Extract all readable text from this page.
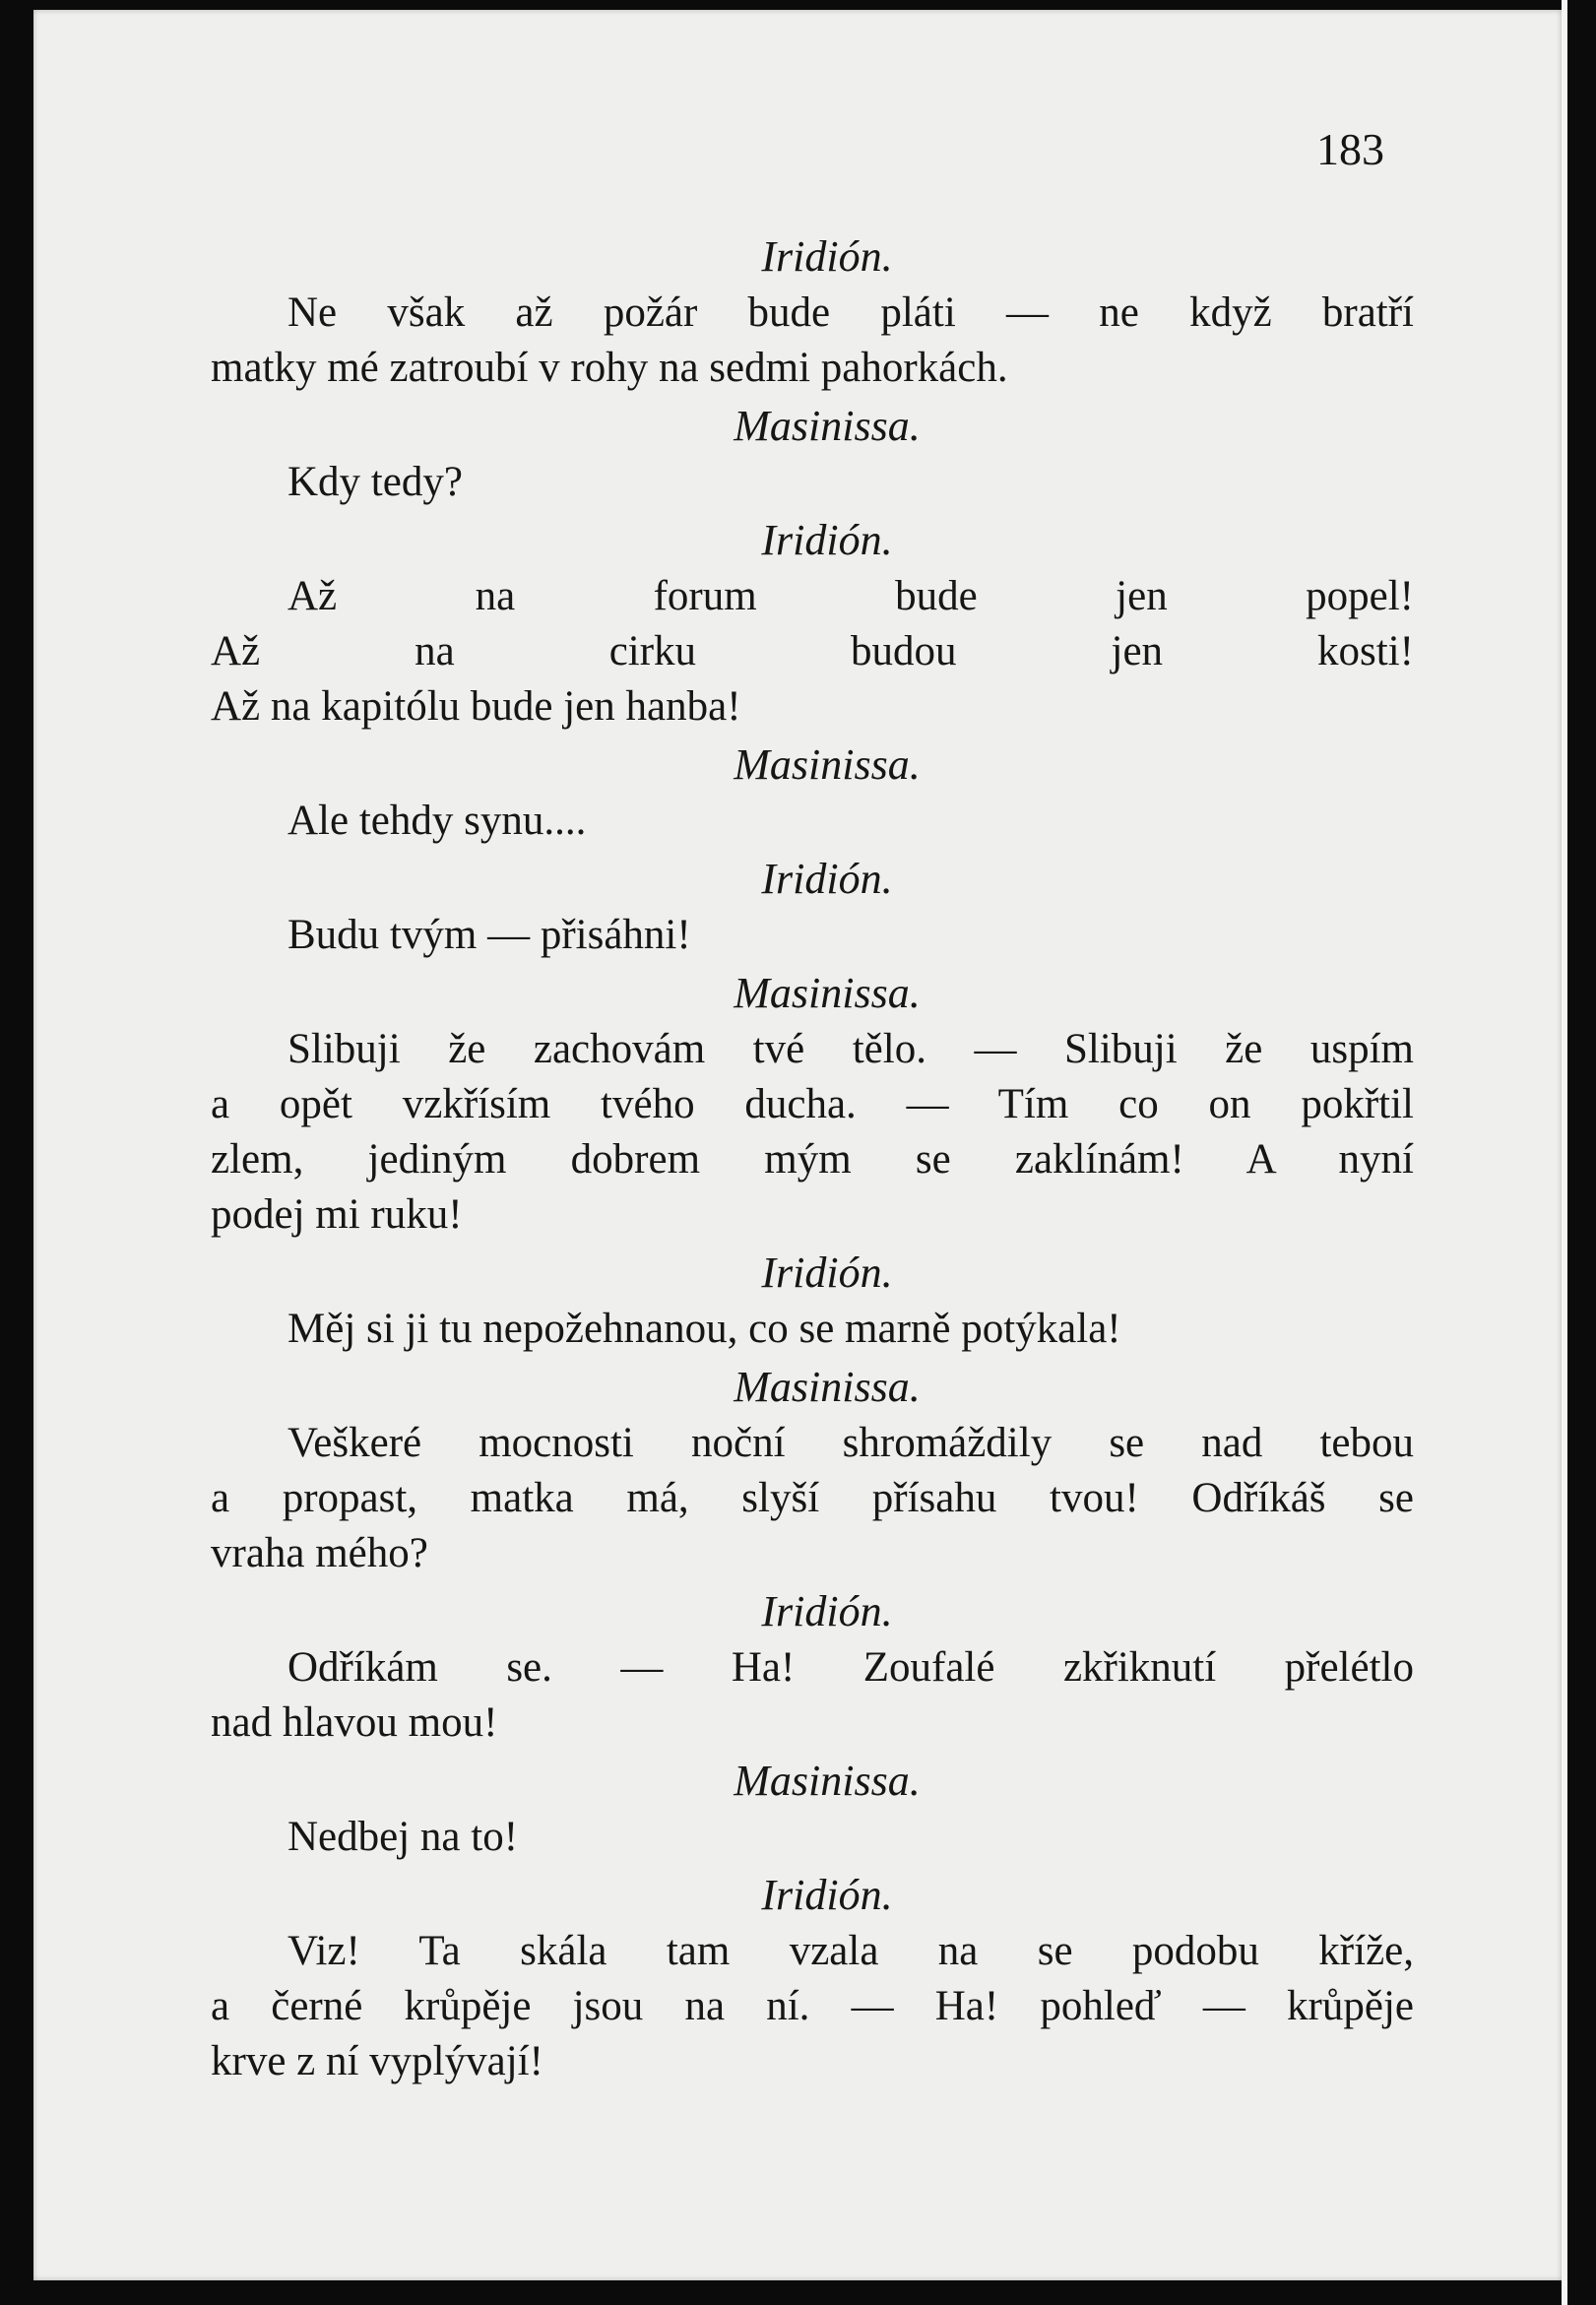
183
Iridión.
Ne však až požár bude pláti — ne když bratří
matky mé zatroubí v rohy na sedmi pahorkách.
Masinissa.
Kdy tedy?
Iridión.
Až na forum bude jen popel!
Až na cirku budou jen kosti!
Až na kapitólu bude jen hanba!
Masinissa.
Ale tehdy synu....
Iridión.
Budu tvým — přisáhni!
Masinissa.
Slibuji že zachovám tvé tělo. — Slibuji že uspím
a opět vzkřísím tvého ducha. — Tím co on pokřtil
zlem, jediným dobrem mým se zaklínám! A nyní
podej mi ruku!
Iridión.
Měj si ji tu nepožehnanou, co se marně potýkala!
Masinissa.
Veškeré mocnosti noční shromáždily se nad tebou
a propast, matka má, slyší přísahu tvou! Odříkáš se
vraha mého?
Iridión.
Odříkám se. — Ha! Zoufalé zkřiknutí přelétlo
nad hlavou mou!
Masinissa.
Nedbej na to!
Iridión.
Viz! Ta skála tam vzala na se podobu kříže,
a černé krůpěje jsou na ní. — Ha! pohleď — krůpěje
krve z ní vyplývají!
